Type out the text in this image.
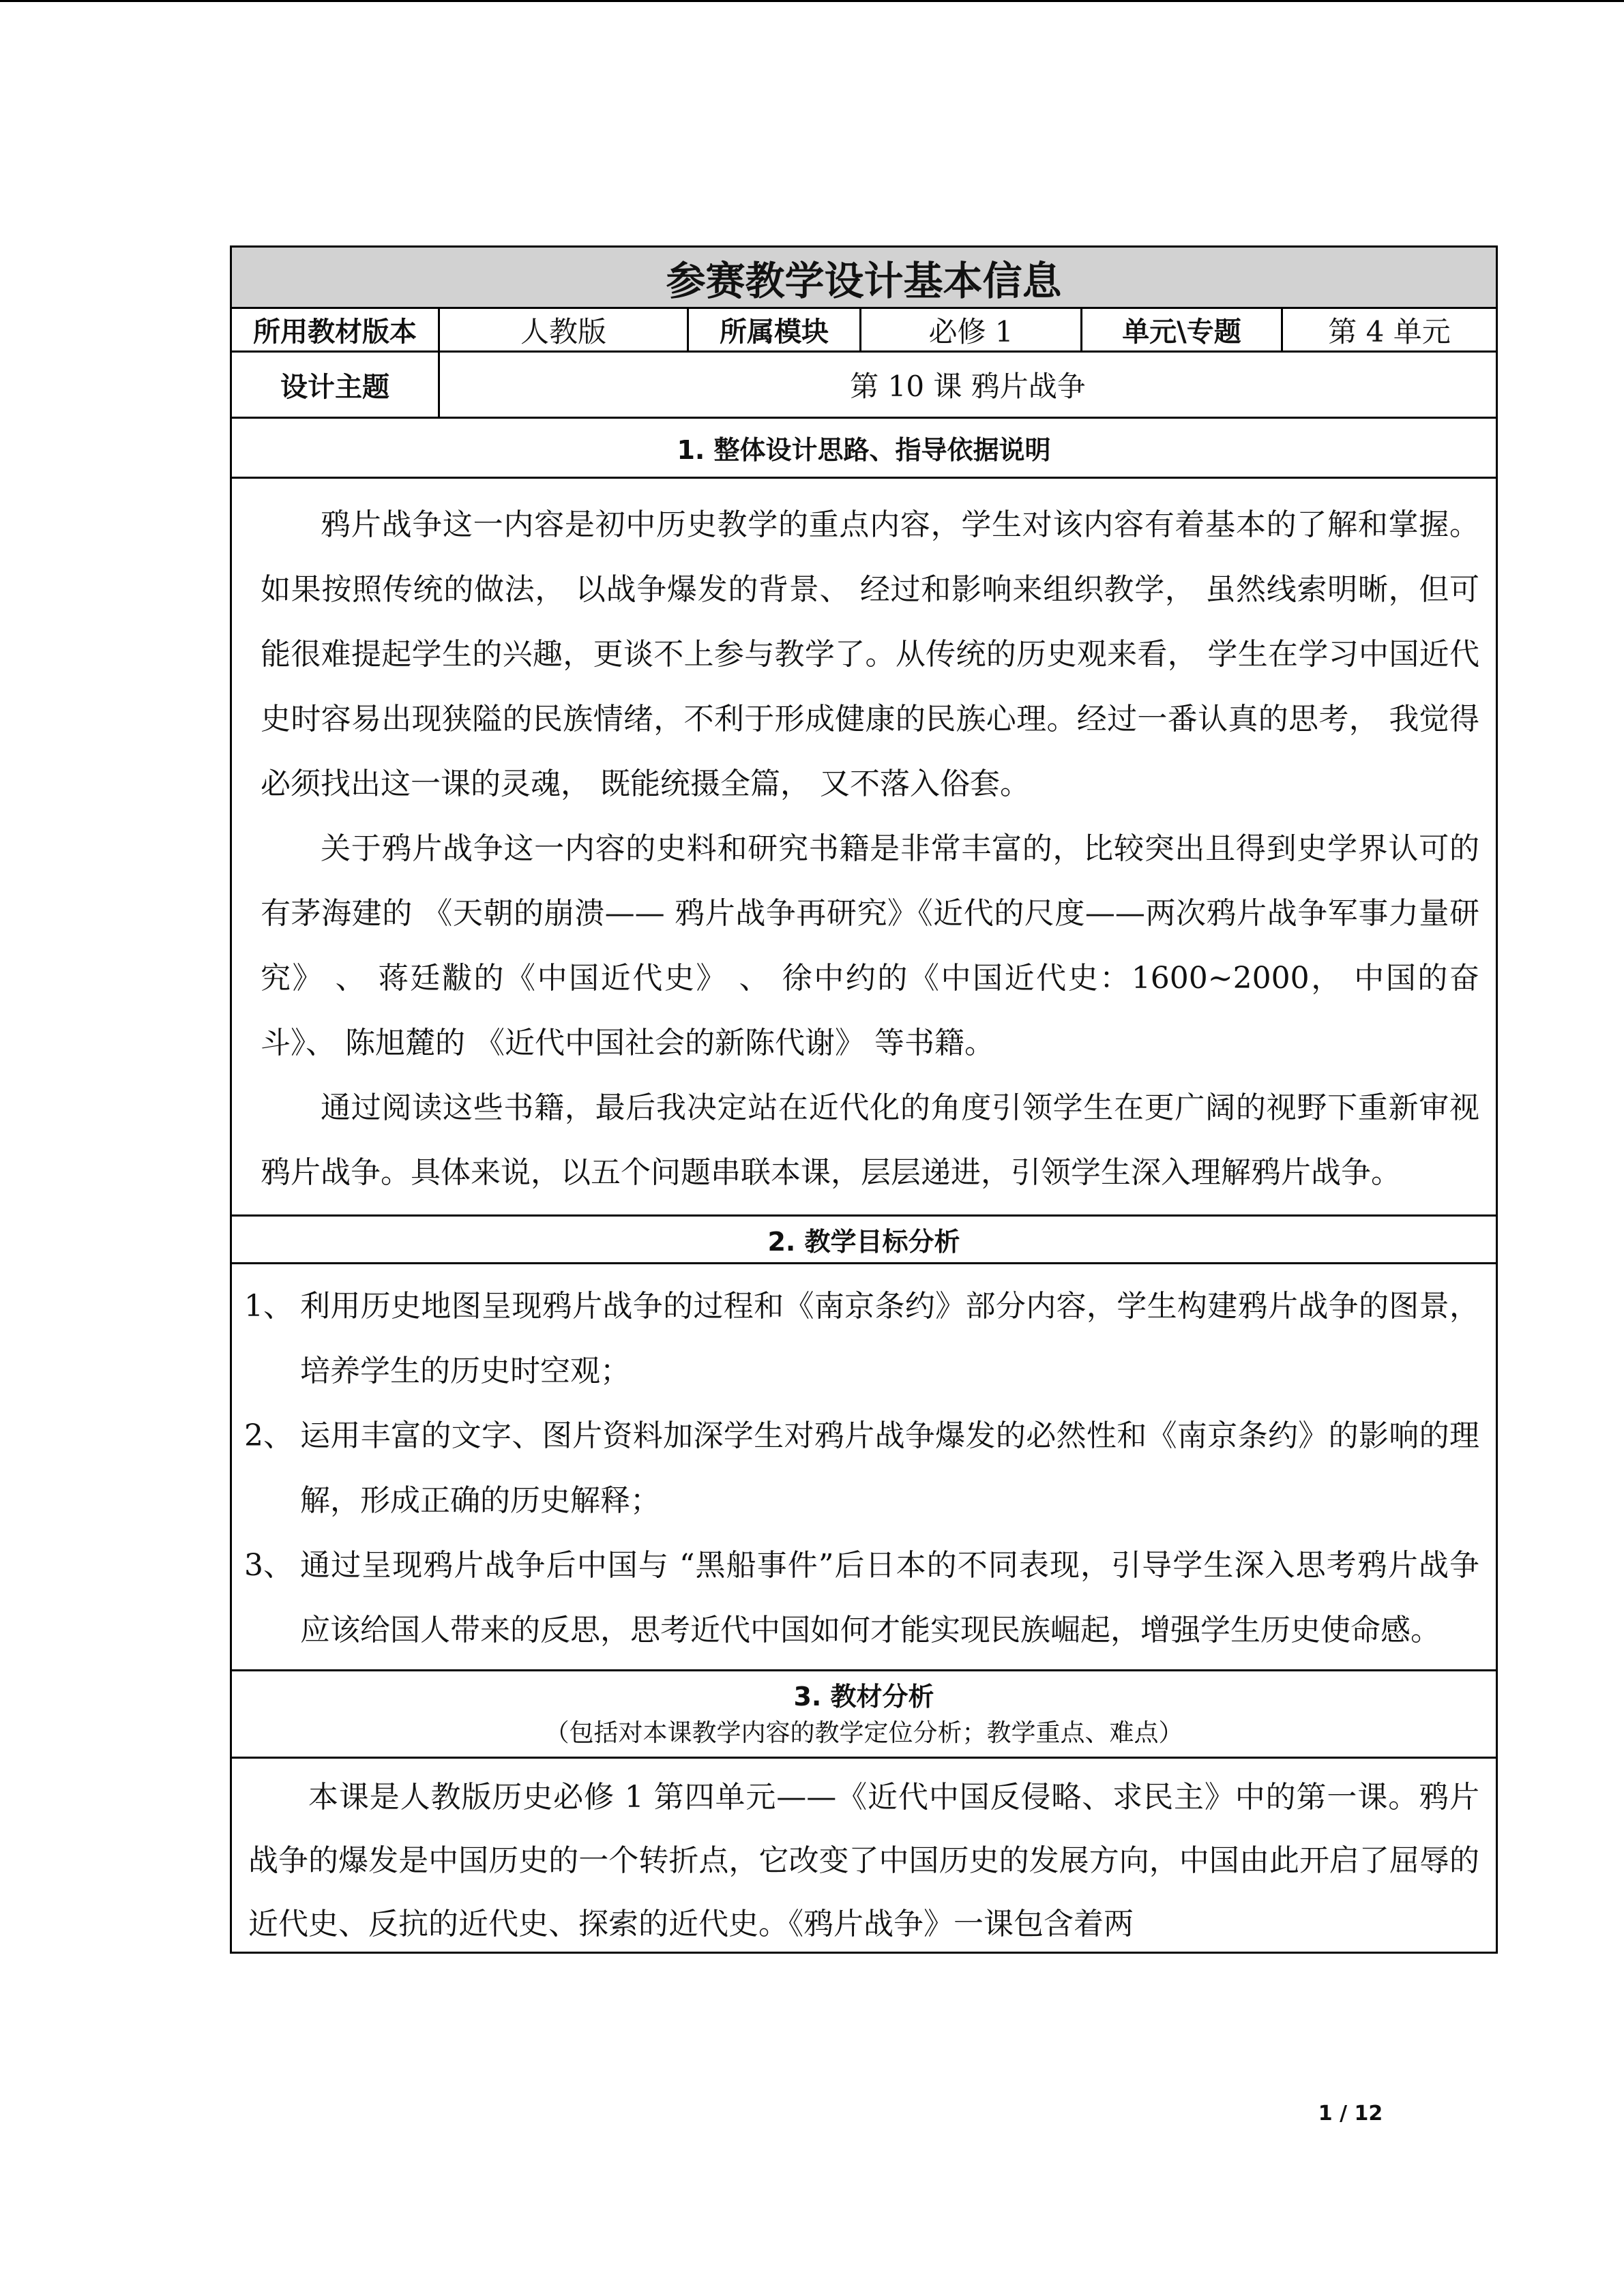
参赛教学设计基本信息
所用教材版本	人教版	所属模块	必修 1	单元\专题	第 4 单元
设计主题	第 10 课 鸦片战争
1. 整体设计思路、指导依据说明

鸦片战争这一内容是初中历史教学的重点内容，学生对该内容有着基本的了解和掌握。如果按照传统的做法， 以战争爆发的背景、 经过和影响来组织教学， 虽然线索明晰，但可能很难提起学生的兴趣，更谈不上参与教学了。从传统的历史观来看， 学生在学习中国近代史时容易出现狭隘的民族情绪，不利于形成健康的民族心理。经过一番认真的思考， 我觉得必须找出这一课的灵魂， 既能统摄全篇， 又不落入俗套。

关于鸦片战争这一内容的史料和研究书籍是非常丰富的，比较突出且得到史学界认可的有茅海建的 《天朝的崩溃—— 鸦片战争再研究》《近代的尺度——两次鸦片战争军事力量研究》 、 蒋廷黻的《中国近代史》 、 徐中约的《中国近代史：1600~2000， 中国的奋斗》、 陈旭麓的 《近代中国社会的新陈代谢》 等书籍。

通过阅读这些书籍，最后我决定站在近代化的角度引领学生在更广阔的视野下重新审视鸦片战争。具体来说，以五个问题串联本课，层层递进，引领学生深入理解鸦片战争。

2. 教学目标分析
1、 利用历史地图呈现鸦片战争的过程和《南京条约》部分内容，学生构建鸦片战争的图景，培养学生的历史时空观；
2、 运用丰富的文字、图片资料加深学生对鸦片战争爆发的必然性和《南京条约》的影响的理解，形成正确的历史解释；
3、 通过呈现鸦片战争后中国与 “黑船事件”后日本的不同表现，引导学生深入思考鸦片战争应该给国人带来的反思，思考近代中国如何才能实现民族崛起，增强学生历史使命感。
3. 教材分析
（包括对本课教学内容的教学定位分析；教学重点、难点）

本课是人教版历史必修 1 第四单元——《近代中国反侵略、求民主》中的第一课。鸦片战争的爆发是中国历史的一个转折点，它改变了中国历史的发展方向，中国由此开启了屈辱的近代史、反抗的近代史、探索的近代史。《鸦片战争》一课包含着两

1 / 12
